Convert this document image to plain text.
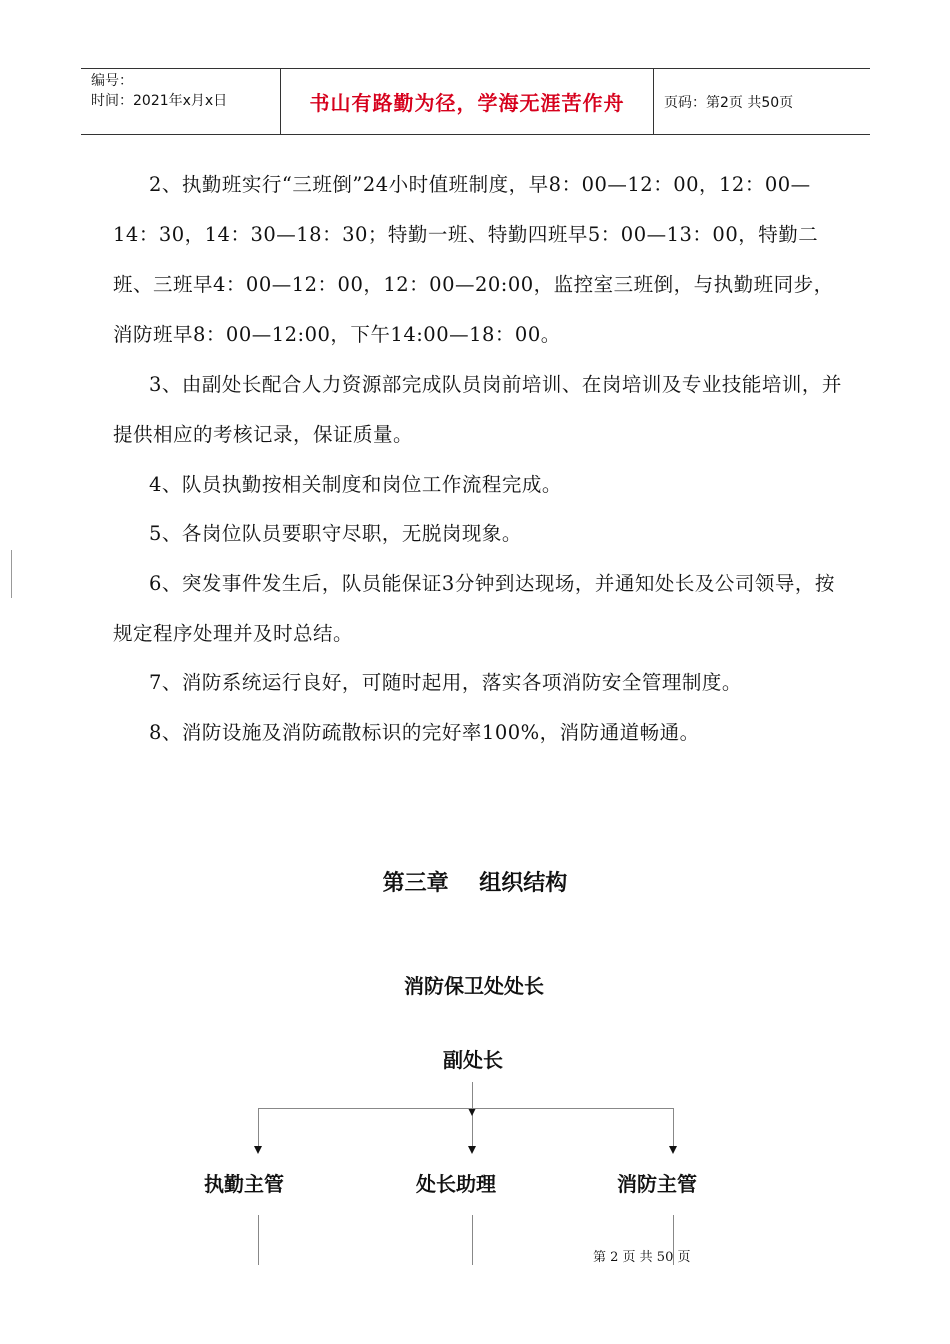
编号：
时间：2021年x月x日	书山有路勤为径，学海无涯苦作舟	页码：第2页 共50页

2、执勤班实行“三班倒”24小时值班制度，早8：00—12：00，12：00—14：30，14：30—18：30；特勤一班、特勤四班早5：00—13：00，特勤二班、三班早4：00—12：00，12：00—20:00，监控室三班倒，与执勤班同步，消防班早8：00—12:00，下午14:00—18：00。

3、由副处长配合人力资源部完成队员岗前培训、在岗培训及专业技能培训，并提供相应的考核记录，保证质量。

4、队员执勤按相关制度和岗位工作流程完成。

5、各岗位队员要职守尽职，无脱岗现象。

6、突发事件发生后，队员能保证3分钟到达现场，并通知处长及公司领导，按规定程序处理并及时总结。

7、消防系统运行良好，可随时起用，落实各项消防安全管理制度。

8、消防设施及消防疏散标识的完好率100%，消防通道畅通。

第三章    组织结构
消防保卫处处长
副处长
执勤主管	处长助理	消防主管
第 2 页 共 50 页
